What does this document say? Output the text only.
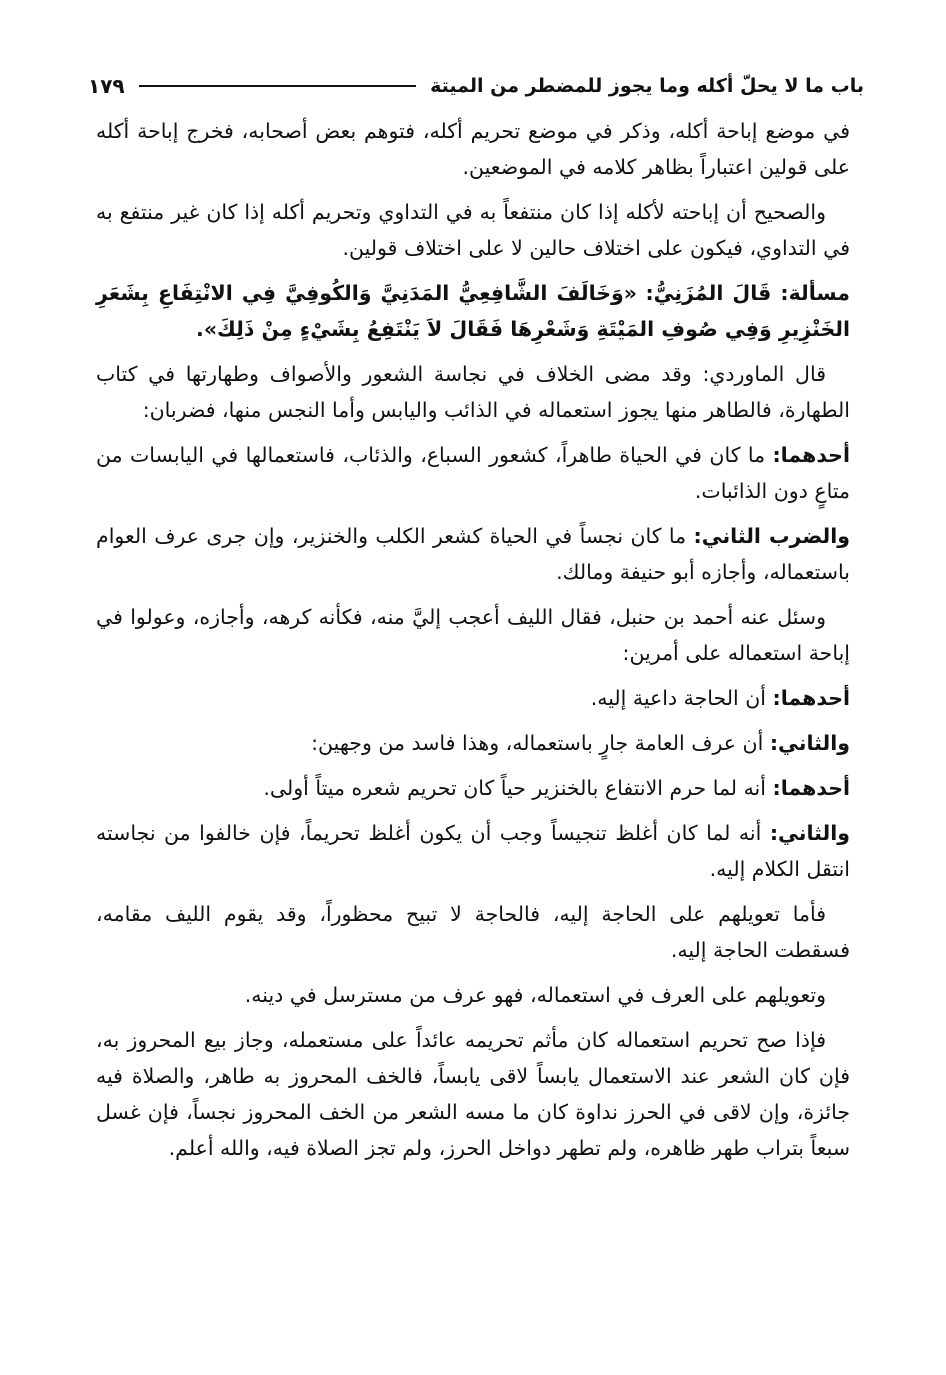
باب ما لا يحلّ أكله وما يجوز للمضطر من الميتة
١٧٩

في موضع إباحة أكله، وذكر في موضع تحريم أكله، فتوهم بعض أصحابه، فخرج إباحة أكله على قولين اعتباراً بظاهر كلامه في الموضعين.

والصحيح أن إباحته لأكله إذا كان منتفعاً به في التداوي وتحريم أكله إذا كان غير منتفع به في التداوي، فيكون على اختلاف حالين لا على اختلاف قولين.

مسألة: قَالَ المُزَنِيُّ: «وَخَالَفَ الشَّافِعِيُّ المَدَنِيَّ وَالكُوفِيَّ فِي الانْتِفَاعِ بِشَعَرِ الخَنْزِيرِ وَفِي صُوفِ المَيْتَةِ وَشَعْرِهَا فَقَالَ لاَ يَنْتَفِعُ بِشَيْءٍ مِنْ ذَلِكَ».

قال الماوردي: وقد مضى الخلاف في نجاسة الشعور والأصواف وطهارتها في كتاب الطهارة، فالطاهر منها يجوز استعماله في الذائب واليابس وأما النجس منها، فضربان:

أحدهما: ما كان في الحياة طاهراً، كشعور السباع، والذئاب، فاستعمالها في اليابسات من متاعٍ دون الذائبات.

والضرب الثاني: ما كان نجساً في الحياة كشعر الكلب والخنزير، وإن جرى عرف العوام باستعماله، وأجازه أبو حنيفة ومالك.

وسئل عنه أحمد بن حنبل، فقال الليف أعجب إليَّ منه، فكأنه كرهه، وأجازه، وعولوا في إباحة استعماله على أمرين:

أحدهما: أن الحاجة داعية إليه.

والثاني: أن عرف العامة جارٍ باستعماله، وهذا فاسد من وجهين:

أحدهما: أنه لما حرم الانتفاع بالخنزير حياً كان تحريم شعره ميتاً أولى.

والثاني: أنه لما كان أغلظ تنجيساً وجب أن يكون أغلظ تحريماً، فإن خالفوا من نجاسته انتقل الكلام إليه.

فأما تعويلهم على الحاجة إليه، فالحاجة لا تبيح محظوراً، وقد يقوم الليف مقامه، فسقطت الحاجة إليه.

وتعويلهم على العرف في استعماله، فهو عرف من مسترسل في دينه.

فإذا صح تحريم استعماله كان مأثم تحريمه عائداً على مستعمله، وجاز بيع المحروز به، فإن كان الشعر عند الاستعمال يابساً لاقى يابساً، فالخف المحروز به طاهر، والصلاة فيه جائزة، وإن لاقى في الحرز نداوة كان ما مسه الشعر من الخف المحروز نجساً، فإن غسل سبعاً بتراب طهر ظاهره، ولم تطهر دواخل الحرز، ولم تجز الصلاة فيه، والله أعلم.
